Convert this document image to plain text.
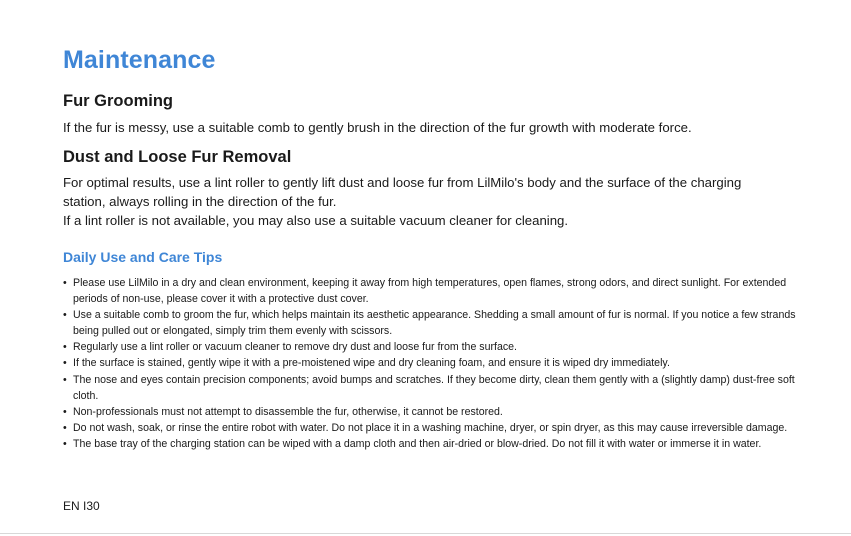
Maintenance
Fur Grooming

If the fur is messy, use a suitable comb to gently brush in the direction of the fur growth with moderate force.

Dust and Loose Fur Removal

For optimal results, use a lint roller to gently lift dust and loose fur from LilMilo's body and the surface of the charging station, always rolling in the direction of the fur.

If a lint roller is not available, you may also use a suitable vacuum cleaner for cleaning.

Daily Use and Care Tips
• Please use LilMilo in a dry and clean environment, keeping it away from high temperatures, open flames, strong odors, and direct sunlight. For extended periods of non-use, please cover it with a protective dust cover.
• Use a suitable comb to groom the fur, which helps maintain its aesthetic appearance. Shedding a small amount of fur is normal. If you notice a few strands being pulled out or elongated, simply trim them evenly with scissors.
• Regularly use a lint roller or vacuum cleaner to remove dry dust and loose fur from the surface.
• If the surface is stained, gently wipe it with a pre-moistened wipe and dry cleaning foam, and ensure it is wiped dry immediately.
• The nose and eyes contain precision components; avoid bumps and scratches. If they become dirty, clean them gently with a (slightly damp) dust-free soft cloth.
• Non-professionals must not attempt to disassemble the fur, otherwise, it cannot be restored.
• Do not wash, soak, or rinse the entire robot with water. Do not place it in a washing machine, dryer, or spin dryer, as this may cause irreversible damage.
• The base tray of the charging station can be wiped with a damp cloth and then air-dried or blow-dried. Do not fill it with water or immerse it in water.
EN I30
